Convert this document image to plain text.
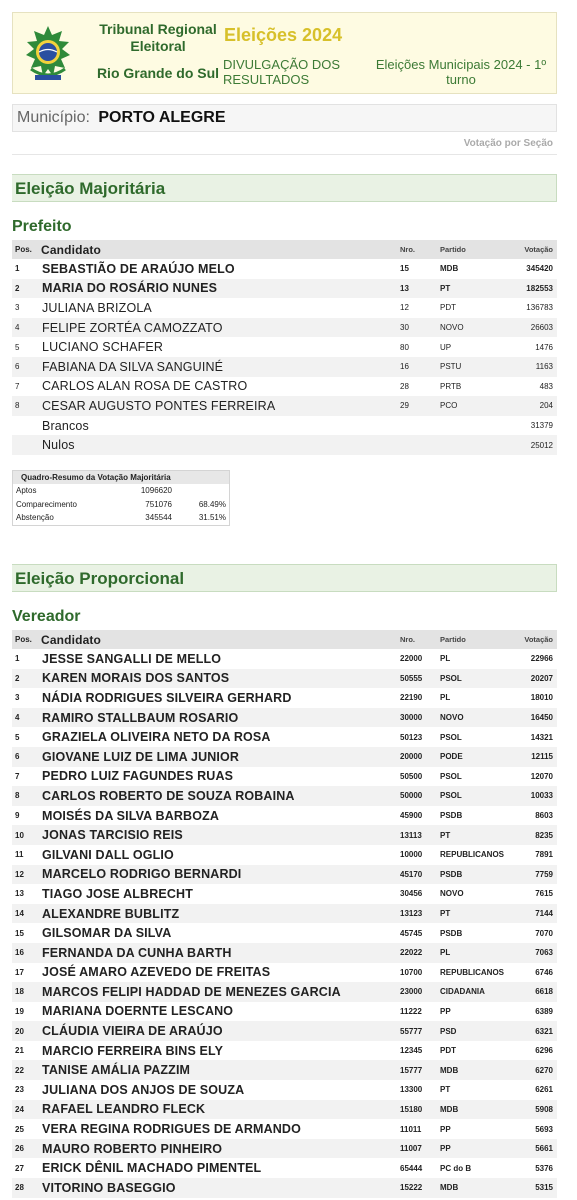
Tribunal Regional Eleitoral
Rio Grande do Sul
Eleições 2024
DIVULGAÇÃO DOS RESULTADOS
Eleições Municipais 2024 - 1º turno
Município: PORTO ALEGRE
Votação por Seção
Eleição Majoritária
Prefeito
Pos. Candidato	Nro.	Partido	Votação
1 SEBASTIÃO DE ARAÚJO MELO	15	MDB	345420
2 MARIA DO ROSÁRIO NUNES	13	PT	182553
3 JULIANA BRIZOLA	12	PDT	136783
4 FELIPE ZORTÉA CAMOZZATO	30	NOVO	26603
5 LUCIANO SCHAFER	80	UP	1476
6 FABIANA DA SILVA SANGUINÉ	16	PSTU	1163
7 CARLOS ALAN ROSA DE CASTRO	28	PRTB	483
8 CESAR AUGUSTO PONTES FERREIRA	29	PCO	204
Brancos	31379
Nulos	25012
Quadro-Resumo da Votação Majoritária
Aptos	1096620
Comparecimento	751076	68.49%
Abstenção	345544	31.51%
Eleição Proporcional
Vereador
Pos. Candidato	Nro.	Partido	Votação
1 JESSE SANGALLI DE MELLO	22000 PL	22966
2 KAREN MORAIS DOS SANTOS	50555 PSOL	20207
3 NÁDIA RODRIGUES SILVEIRA GERHARD	22190 PL	18010
4 RAMIRO STALLBAUM ROSARIO	30000 NOVO	16450
5 GRAZIELA OLIVEIRA NETO DA ROSA	50123 PSOL	14321
6 GIOVANE LUIZ DE LIMA JUNIOR	20000 PODE	12115
7 PEDRO LUIZ FAGUNDES RUAS	50500 PSOL	12070
8 CARLOS ROBERTO DE SOUZA ROBAINA	50000 PSOL	10033
9 MOISÉS DA SILVA BARBOZA	45900 PSDB	8603
10 JONAS TARCISIO REIS	13113 PT	8235
11 GILVANI DALL OGLIO	10000 REPUBLICANOS	7891
12 MARCELO RODRIGO BERNARDI	45170 PSDB	7759
13 TIAGO JOSE ALBRECHT	30456 NOVO	7615
14 ALEXANDRE BUBLITZ	13123 PT	7144
15 GILSOMAR DA SILVA	45745 PSDB	7070
16 FERNANDA DA CUNHA BARTH	22022 PL	7063
17 JOSÉ AMARO AZEVEDO DE FREITAS	10700 REPUBLICANOS	6746
18 MARCOS FELIPI HADDAD DE MENEZES GARCIA	23000 CIDADANIA	6618
19 MARIANA DOERNTE LESCANO	11222 PP	6389
20 CLÁUDIA VIEIRA DE ARAÚJO	55777 PSD	6321
21 MARCIO FERREIRA BINS ELY	12345 PDT	6296
22 TANISE AMÁLIA PAZZIM	15777 MDB	6270
23 JULIANA DOS ANJOS DE SOUZA	13300 PT	6261
24 RAFAEL LEANDRO FLECK	15180 MDB	5908
25 VERA REGINA RODRIGUES DE ARMANDO	11011 PP	5693
26 MAURO ROBERTO PINHEIRO	11007 PP	5661
27 ERICK DÊNIL MACHADO PIMENTEL	65444 PC do B	5376
28 VITORINO BASEGGIO	15222 MDB	5315
